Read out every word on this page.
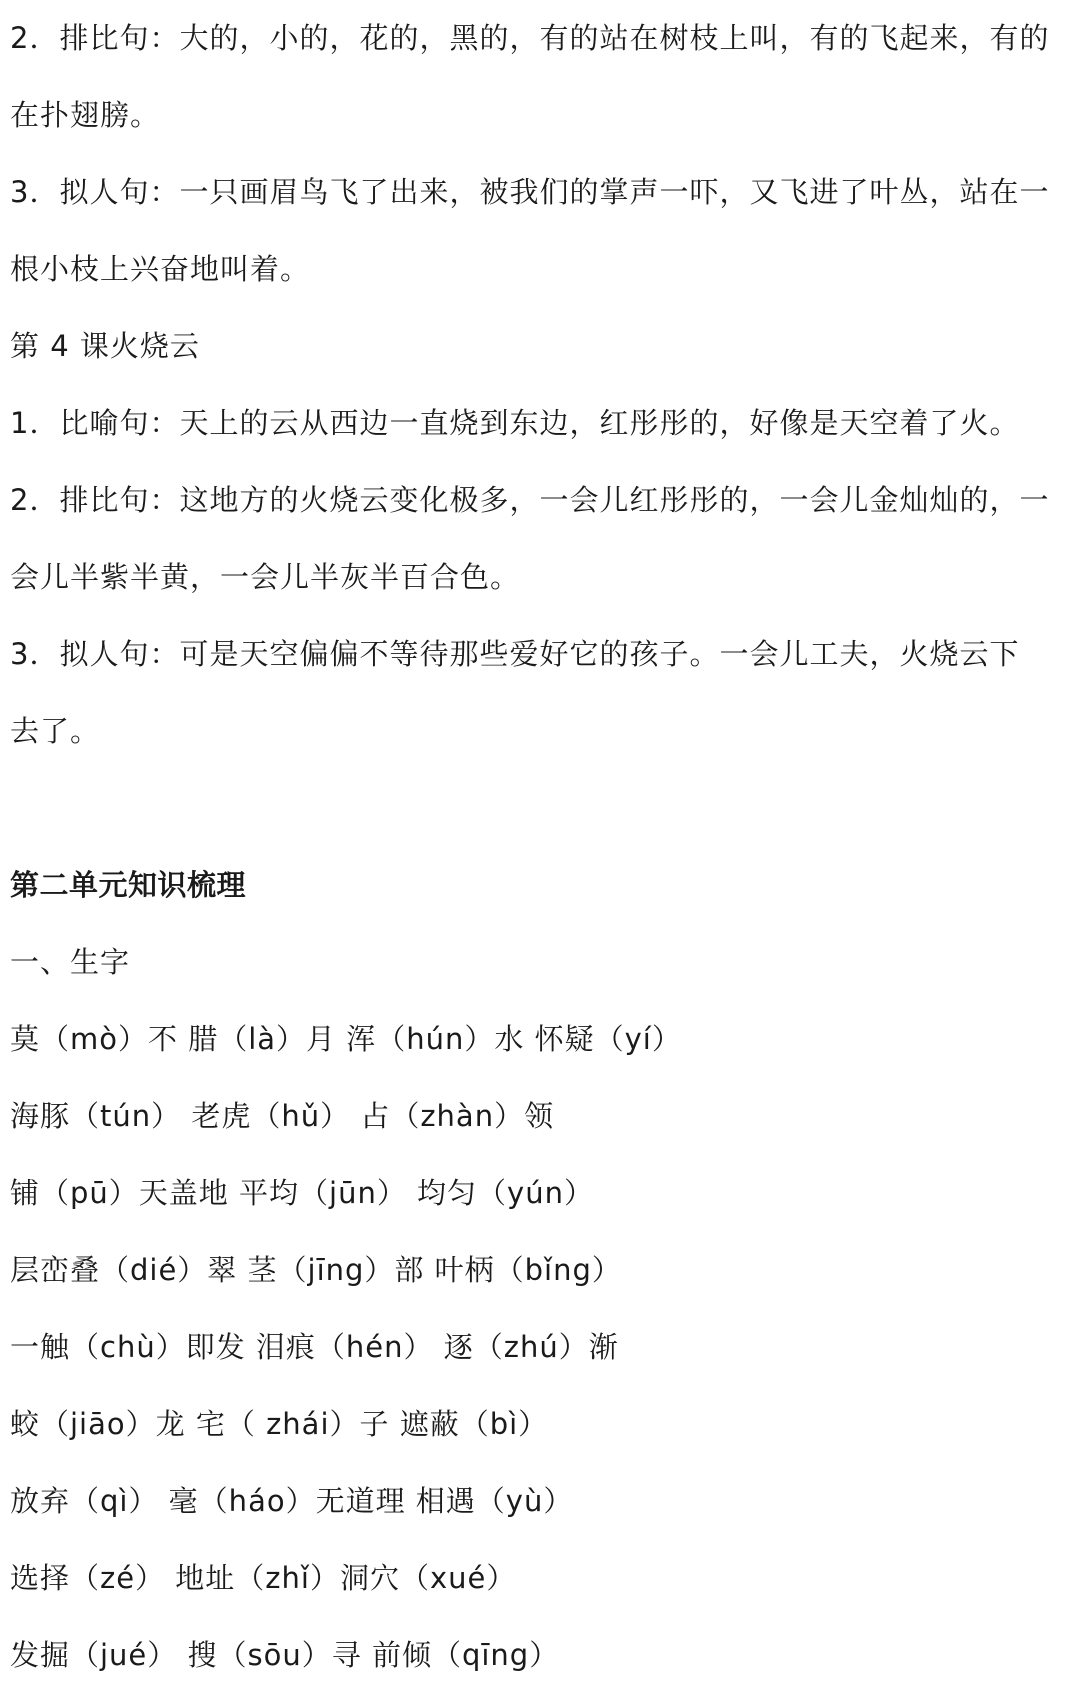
2．排比句：大的，小的，花的，黑的，有的站在树枝上叫，有的飞起来，有的
在扑翅膀。
3．拟人句：一只画眉鸟飞了出来，被我们的掌声一吓，又飞进了叶丛，站在一
根小枝上兴奋地叫着。
第 4 课火烧云
1．比喻句：天上的云从西边一直烧到东边，红彤彤的，好像是天空着了火。
2．排比句：这地方的火烧云变化极多，一会儿红彤彤的，一会儿金灿灿的，一
会儿半紫半黄，一会儿半灰半百合色。
3．拟人句：可是天空偏偏不等待那些爱好它的孩子。一会儿工夫，火烧云下
去了。
第二单元知识梳理
一、生字
莫（mò）不 腊（là）月 浑（hún）水 怀疑（yí）
海豚（tún） 老虎（hǔ） 占（zhàn）领
铺（pū）天盖地 平均（jūn） 均匀（yún）
层峦叠（dié）翠 茎（jīng）部 叶柄（bǐng）
一触（chù）即发 泪痕（hén） 逐（zhú）渐
蛟（jiāo）龙 宅（ zhái）子 遮蔽（bì）
放弃（qì） 毫（háo）无道理 相遇（yù）
选择（zé） 地址（zhǐ）洞穴（xué）
发掘（jué） 搜（sōu）寻 前倾（qīng）
